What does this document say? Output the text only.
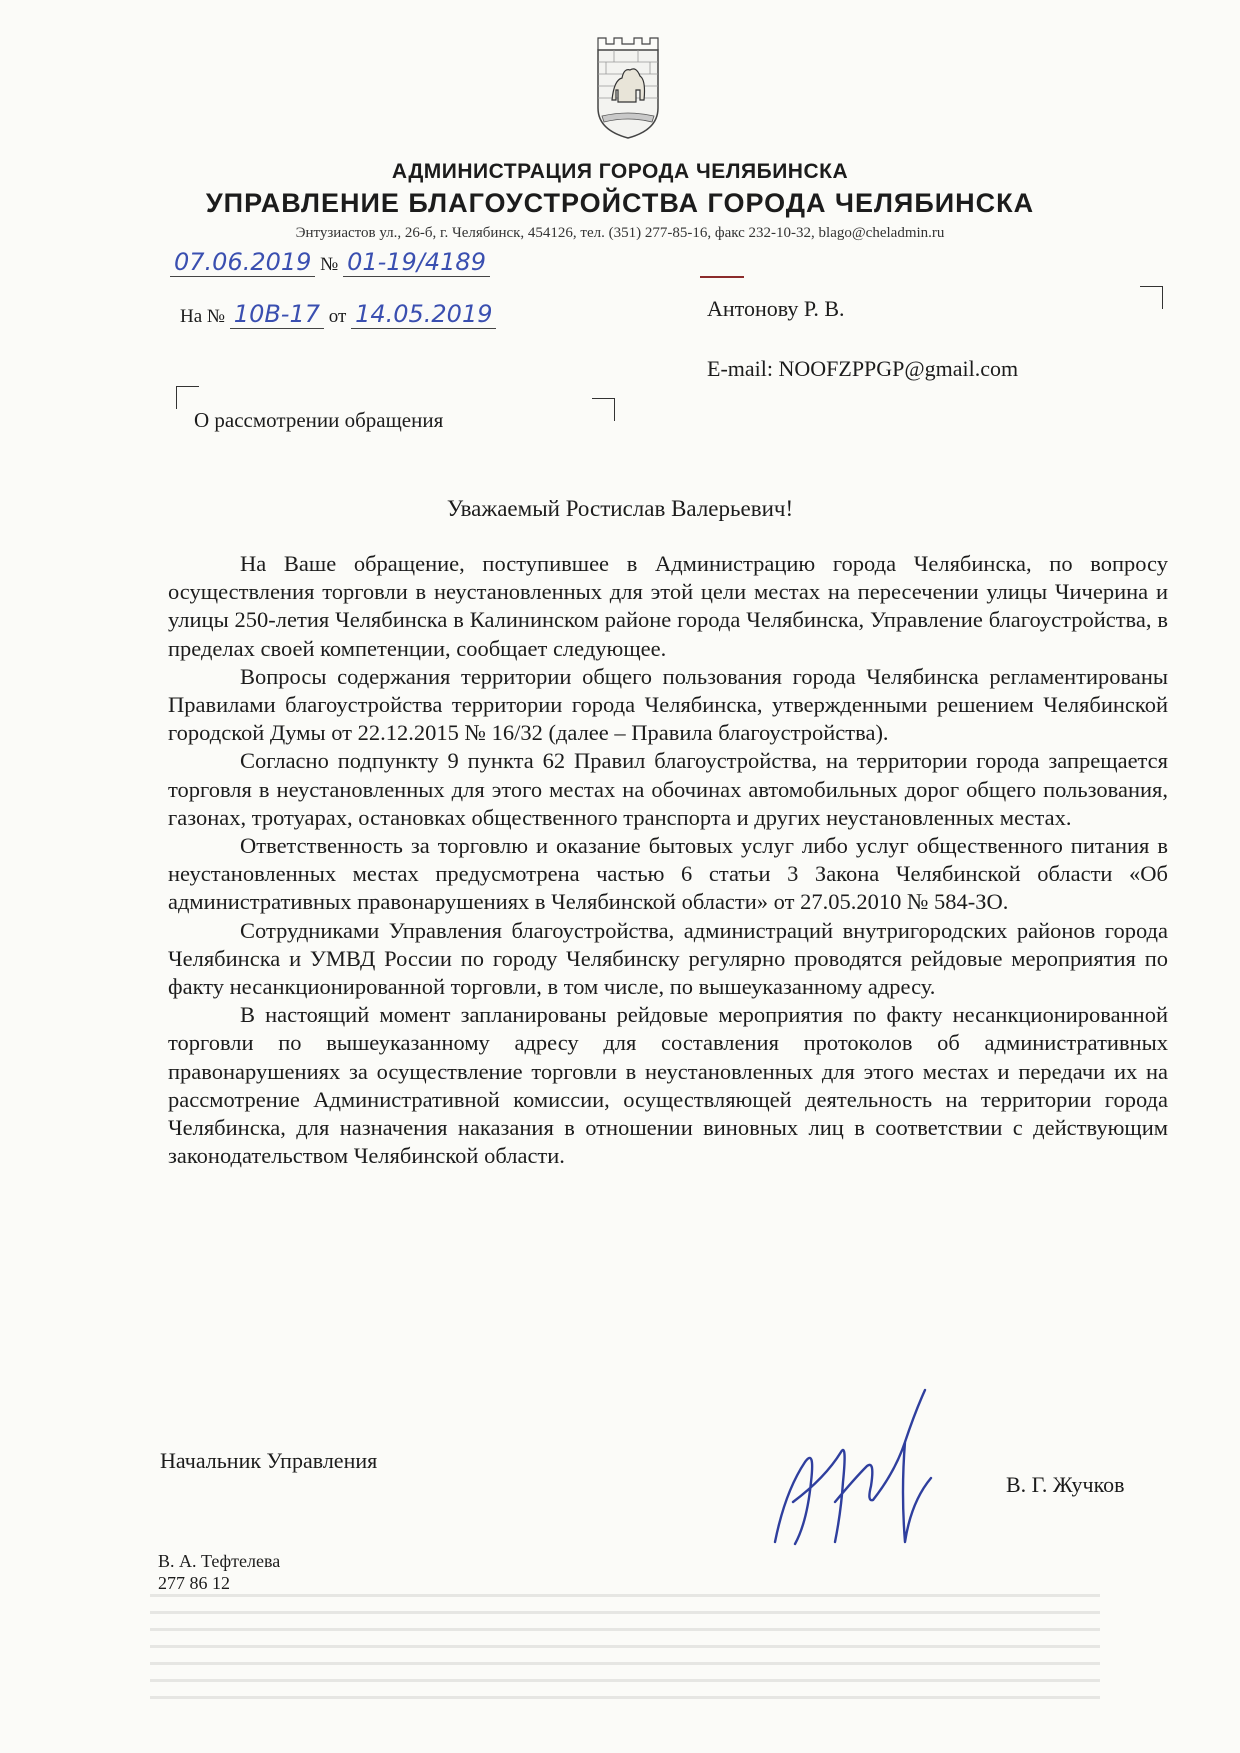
АДМИНИСТРАЦИЯ ГОРОДА ЧЕЛЯБИНСКА
УПРАВЛЕНИЕ БЛАГОУСТРОЙСТВА ГОРОДА ЧЕЛЯБИНСКА
Энтузиастов ул., 26-б, г. Челябинск, 454126, тел. (351) 277-85-16, факс 232-10-32, blago@cheladmin.ru
07.06.2019 № 01-19/4189
На № 10В-17 от 14.05.2019	Антонову Р. В.
E-mail: NOOFZPPGP@gmail.com
О рассмотрении обращения
Уважаемый Ростислав Валерьевич!

На Ваше обращение, поступившее в Администрацию города Челябинска, по вопросу осуществления торговли в неустановленных для этой цели местах на пересечении улицы Чичерина и улицы 250-летия Челябинска в Калининском районе города Челябинска, Управление благоустройства, в пределах своей компетенции, сообщает следующее.

Вопросы содержания территории общего пользования города Челябинска регламентированы Правилами благоустройства территории города Челябинска, утвержденными решением Челябинской городской Думы от 22.12.2015 № 16/32 (далее – Правила благоустройства).

Согласно подпункту 9 пункта 62 Правил благоустройства, на территории города запрещается торговля в неустановленных для этого местах на обочинах автомобильных дорог общего пользования, газонах, тротуарах, остановках общественного транспорта и других неустановленных местах.

Ответственность за торговлю и оказание бытовых услуг либо услуг общественного питания в неустановленных местах предусмотрена частью 6 статьи 3 Закона Челябинской области «Об административных правонарушениях в Челябинской области» от 27.05.2010 № 584-ЗО.

Сотрудниками Управления благоустройства, администраций внутригородских районов города Челябинска и УМВД России по городу Челябинску регулярно проводятся рейдовые мероприятия по факту несанкционированной торговли, в том числе, по вышеуказанному адресу.

В настоящий момент запланированы рейдовые мероприятия по факту несанкционированной торговли по вышеуказанному адресу для составления протоколов об административных правонарушениях за осуществление торговли в неустановленных для этого местах и передачи их на рассмотрение Административной комиссии, осуществляющей деятельность на территории города Челябинска, для назначения наказания в отношении виновных лиц в соответствии с действующим законодательством Челябинской области.

Начальник Управления
В. Г. Жучков
В. А. Тефтелева
277 86 12
